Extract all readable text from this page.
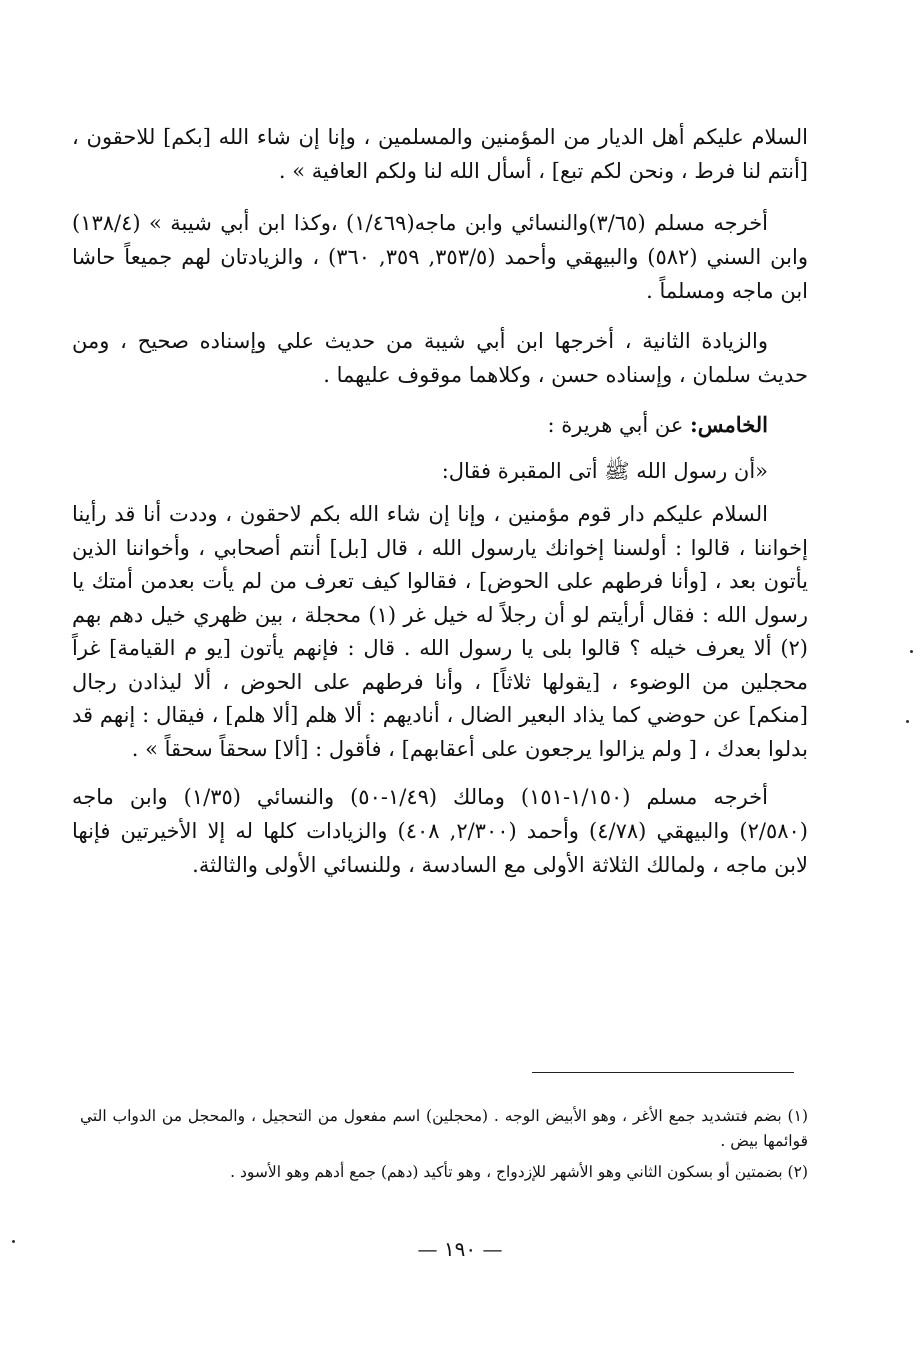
السلام عليكم أهل الديار من المؤمنين والمسلمين ، وإنا إن شاء الله [بكم] للاحقون ، [أنتم لنا فرط ، ونحن لكم تبع] ، أسأل الله لنا ولكم العافية » .

أخرجه مسلم (٣/٦٥)والنسائي وابن ماجه(١/٤٦٩) ،وكذا ابن أبي شيبة » (١٣٨/٤) وابن السني (٥٨٢) والبيهقي وأحمد (٣٥٣/٥, ٣٥٩, ٣٦٠) ، والزيادتان لهم جميعاً حاشا ابن ماجه ومسلماً .

والزيادة الثانية ، أخرجها ابن أبي شيبة من حديث علي وإسناده صحيح ، ومن حديث سلمان ، وإسناده حسن ، وكلاهما موقوف عليهما .

الخامس: عن أبي هريرة :

«أن رسول الله ﷺ أتى المقبرة فقال:

السلام عليكم دار قوم مؤمنين ، وإنا إن شاء الله بكم لاحقون ، وددت أنا قد رأينا إخواننا ، قالوا : أولسنا إخوانك يارسول الله ، قال [بل] أنتم أصحابي ، وأخواننا الذين يأتون بعد ، [وأنا فرطهم على الحوض] ، فقالوا كيف تعرف من لم يأت بعدمن أمتك يا رسول الله : فقال أرأيتم لو أن رجلاً له خيل غر (١) محجلة ، بين ظهري خيل دهم بهم (٢) ألا يعرف خيله ؟ قالوا بلى يا رسول الله . قال : فإنهم يأتون [يو م القيامة] غراً محجلين من الوضوء ، [يقولها ثلاثاً] ، وأنا فرطهم على الحوض ، ألا ليذادن رجال [منكم] عن حوضي كما يذاد البعير الضال ، أناديهم : ألا هلم [ألا هلم] ، فيقال : إنهم قد بدلوا بعدك ، [ ولم يزالوا يرجعون على أعقابهم] ، فأقول : [ألا] سحقاً سحقاً » .

أخرجه مسلم (١/١٥٠-١٥١) ومالك (١/٤٩-٥٠) والنسائي (١/٣٥) وابن ماجه (٢/٥٨٠) والبيهقي (٤/٧٨) وأحمد (٢/٣٠٠, ٤٠٨) والزيادات كلها له إلا الأخيرتين فإنها لابن ماجه ، ولمالك الثلاثة الأولى مع السادسة ، وللنسائي الأولى والثالثة.

(١) بضم فتشديد جمع الأغر ، وهو الأبيض الوجه . (محجلين) اسم مفعول من التحجيل ، والمحجل من الدواب التي قوائمها بيض .

(٢) بضمتين أو بسكون الثاني وهو الأشهر للإزدواج ، وهو تأكيد (دهم) جمع أدهم وهو الأسود .

— ١٩٠ —
